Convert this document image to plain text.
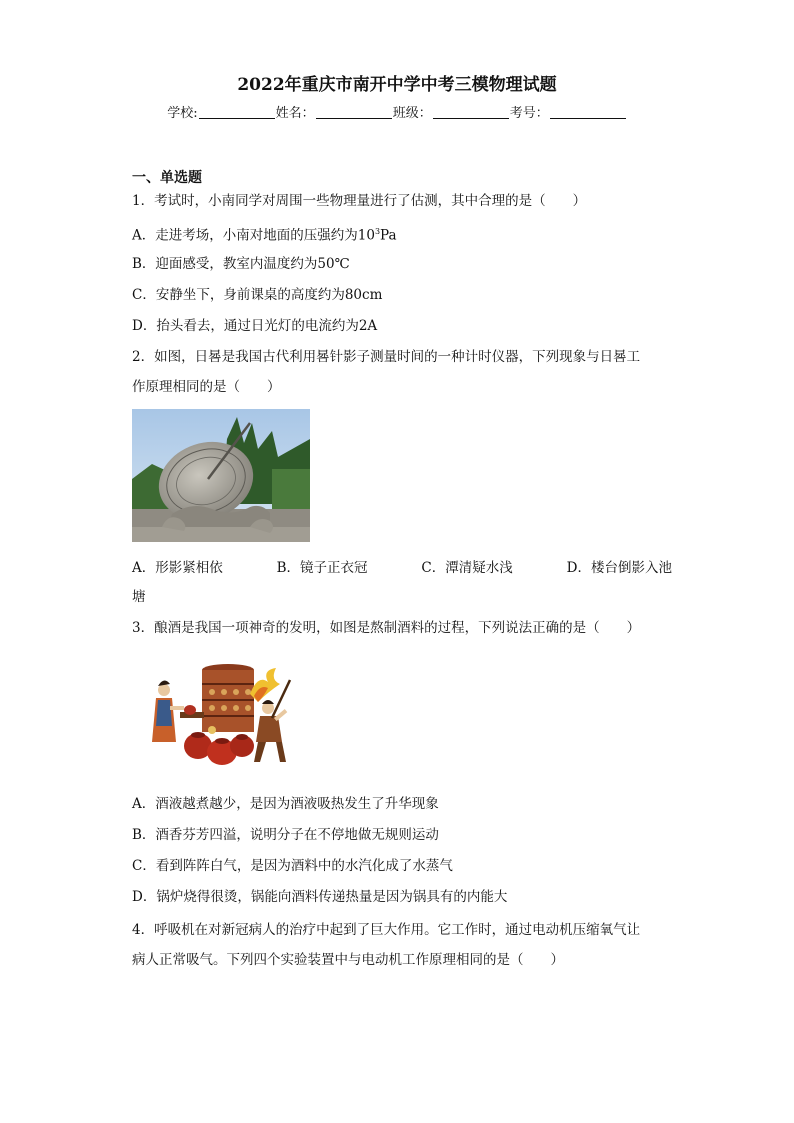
2022年重庆市南开中学中考三模物理试题
学校:	姓名：	班级：	考号：
一、单选题
1．考试时，小南同学对周围一些物理量进行了估测，其中合理的是（　　）
A．走进考场，小南对地面的压强约为$10^3Pa$
B．迎面感受，教室内温度约为50℃
C．安静坐下，身前课桌的高度约为80cm
D．抬头看去，通过日光灯的电流约为2A
2．如图，日晷是我国古代利用晷针影子测量时间的一种计时仪器，下列现象与日晷工
作原理相同的是（　　）
A．形影紧相依	B．镜子正衣冠	C．潭清疑水浅	D．楼台倒影入池
塘
3．酿酒是我国一项神奇的发明，如图是熬制酒料的过程，下列说法正确的是（　　）
A．酒液越煮越少，是因为酒液吸热发生了升华现象
B．酒香芬芳四溢，说明分子在不停地做无规则运动
C．看到阵阵白气，是因为酒料中的水汽化成了水蒸气
D．锅炉烧得很烫，锅能向酒料传递热量是因为锅具有的内能大
4．呼吸机在对新冠病人的治疗中起到了巨大作用。它工作时，通过电动机压缩氧气让
病人正常吸气。下列四个实验装置中与电动机工作原理相同的是（　　）
